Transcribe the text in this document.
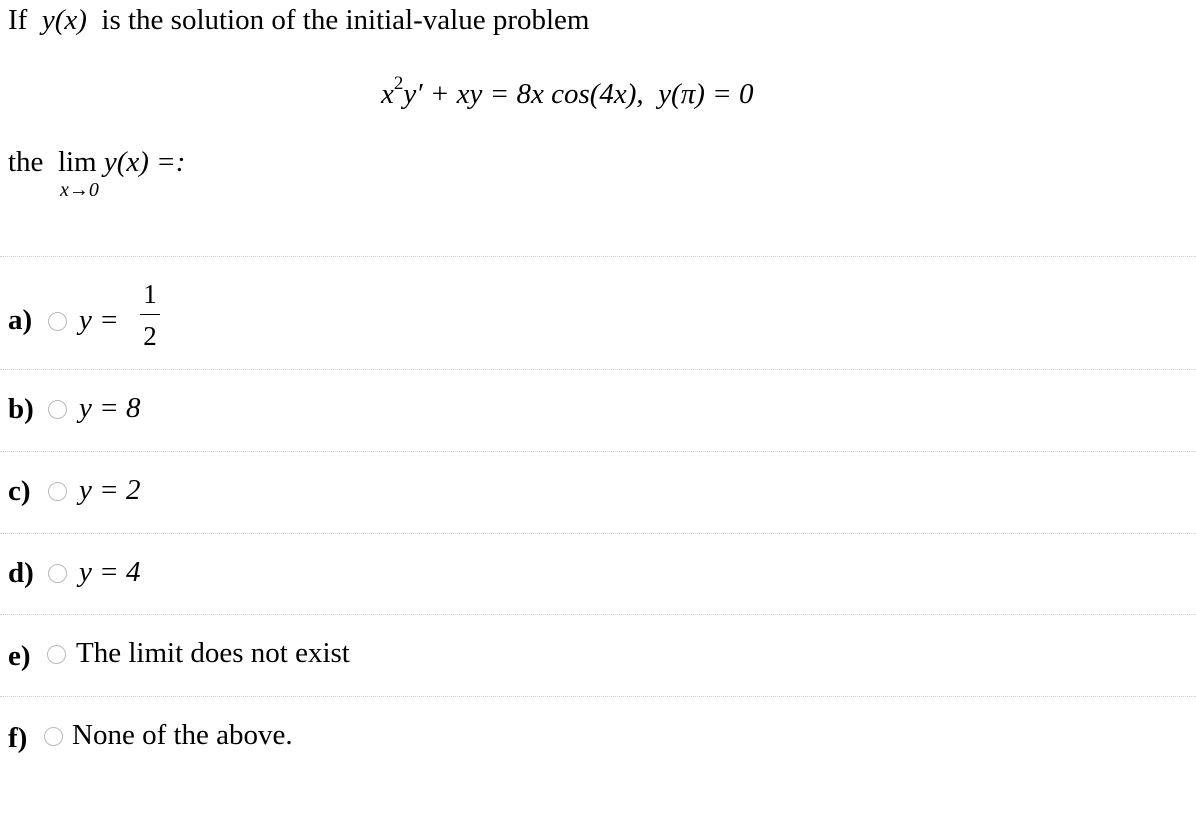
If y(x) is the solution of the initial-value problem
$x^2y'$ + xy = 8x cos(4x), y(π) = 0
the lim y(x) =:
x→0
a) y =
1
2
b) y = 8
c) y = 2
d) y = 4
e) The limit does not exist
f) None of the above.
